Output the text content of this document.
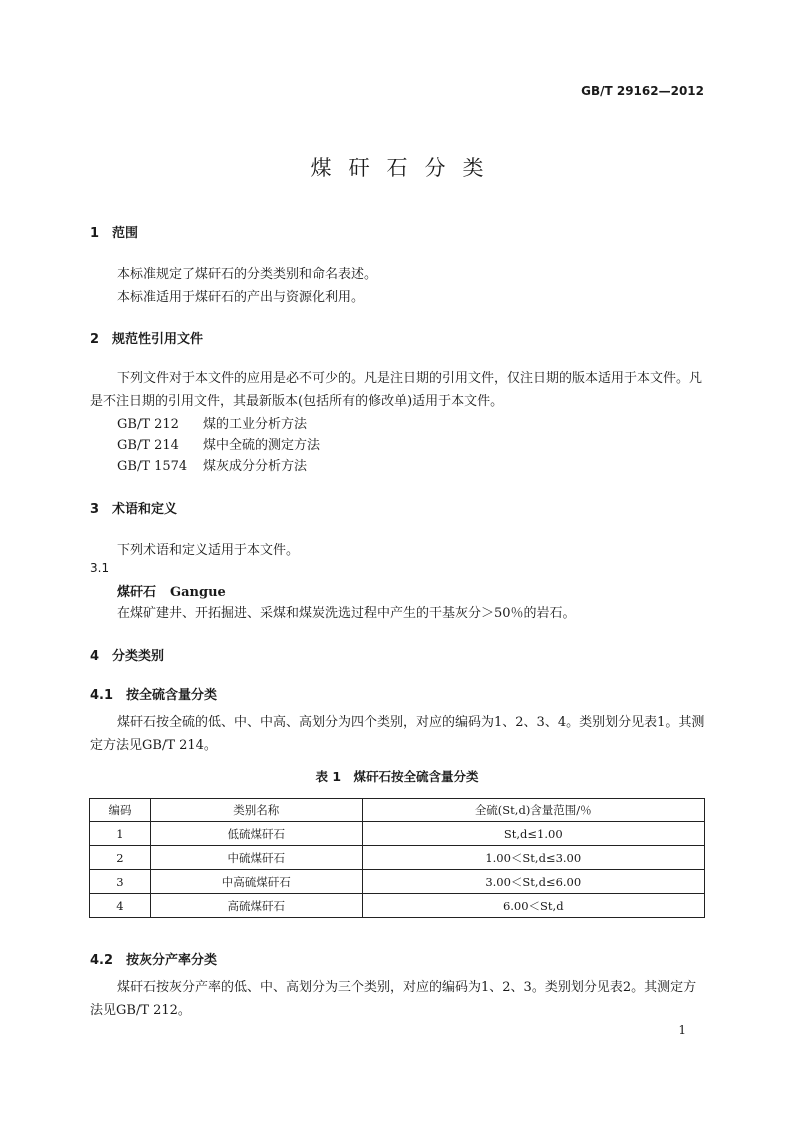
GB/T 29162—2012
煤矸石分类
1 范围
本标准规定了煤矸石的分类类别和命名表述。
本标准适用于煤矸石的产出与资源化利用。
2 规范性引用文件
下列文件对于本文件的应用是必不可少的。凡是注日期的引用文件，仅注日期的版本适用于本文件。凡是不注日期的引用文件，其最新版本(包括所有的修改单)适用于本文件。
GB/T 212 煤的工业分析方法
GB/T 214 煤中全硫的测定方法
GB/T 1574 煤灰成分分析方法
3 术语和定义
下列术语和定义适用于本文件。
3.1
煤矸石 Gangue
在煤矿建井、开拓掘进、采煤和煤炭洗选过程中产生的干基灰分＞50％的岩石。
4 分类类别
4.1 按全硫含量分类
煤矸石按全硫的低、中、中高、高划分为四个类别，对应的编码为1、2、3、4。类别划分见表1。其测定方法见GB/T 214。
表 1　煤矸石按全硫含量分类
编码	类别名称	全硫(St,d)含量范围/％
1	低硫煤矸石	St,d≤1.00
2	中硫煤矸石	1.00＜St,d≤3.00
3	中高硫煤矸石	3.00＜St,d≤6.00
4	高硫煤矸石	6.00＜St,d
4.2 按灰分产率分类
煤矸石按灰分产率的低、中、高划分为三个类别，对应的编码为1、2、3。类别划分见表2。其测定方法见GB/T 212。
1
